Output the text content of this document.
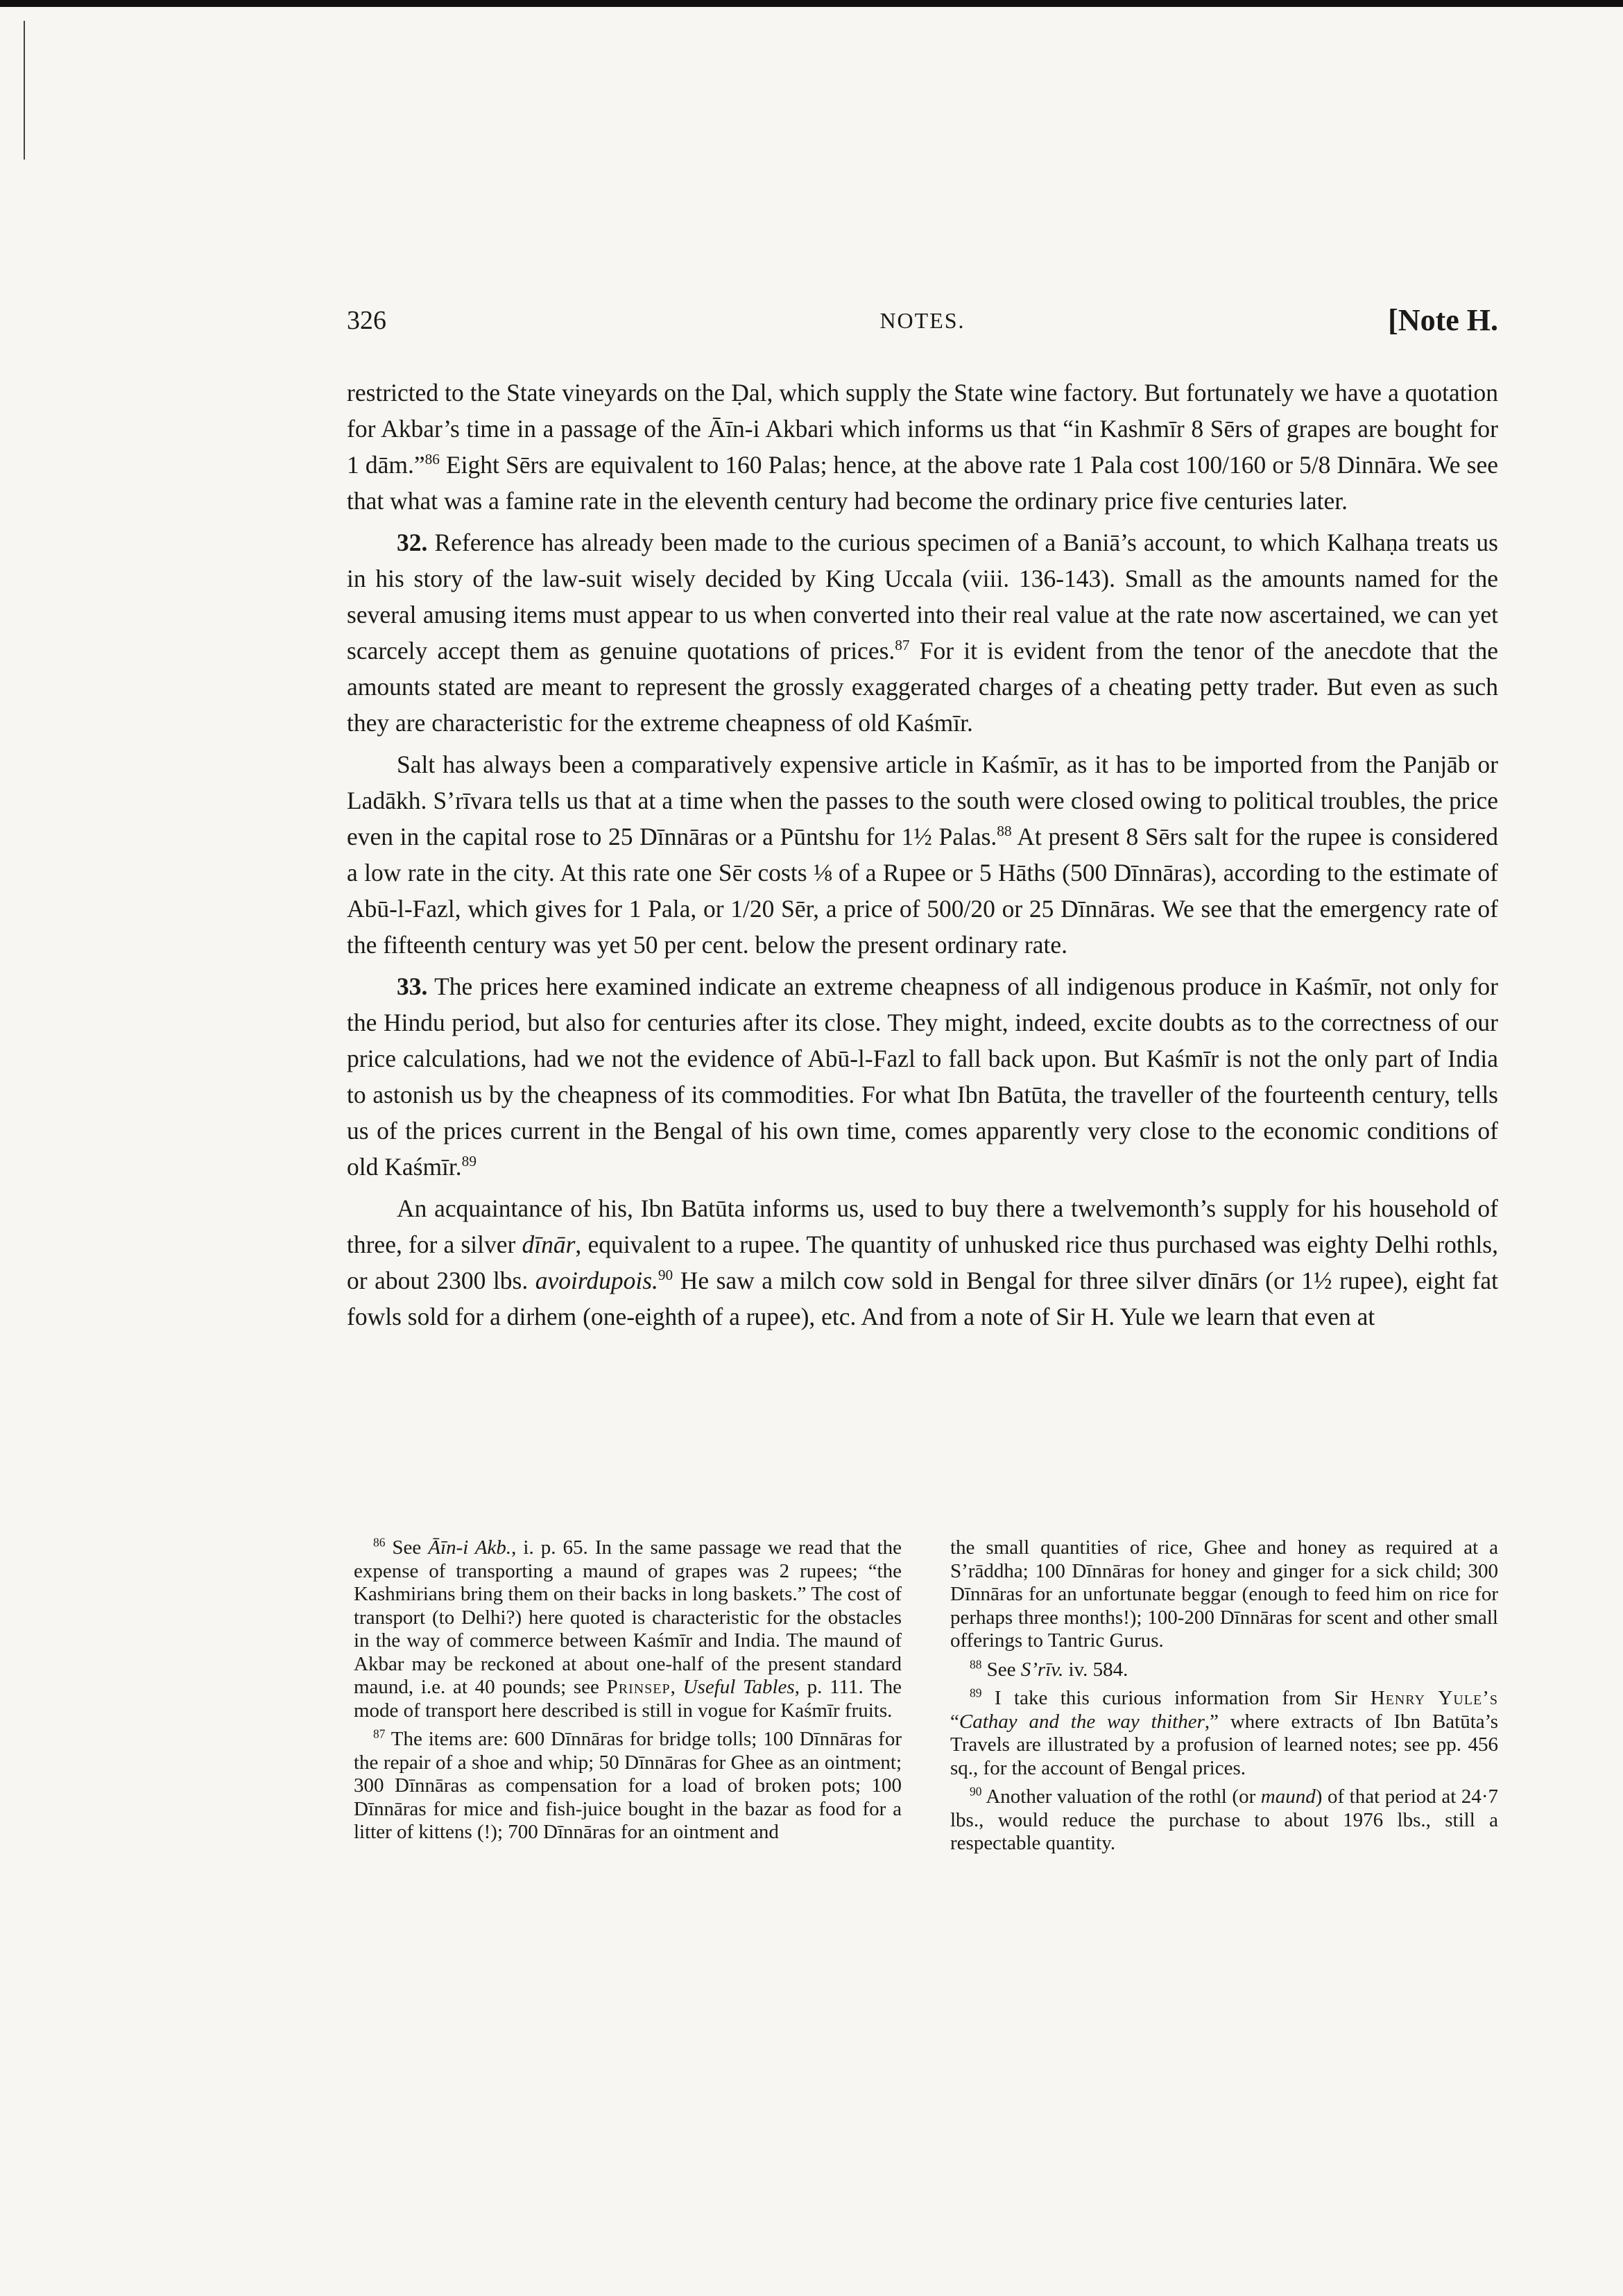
326	NOTES.	[Note H.

restricted to the State vineyards on the Ḍal, which supply the State wine factory. But fortunately we have a quotation for Akbar’s time in a passage of the Āīn-i Akbari which informs us that “in Kashmīr 8 Sērs of grapes are bought for 1 dām.”$^{86}$ Eight Sērs are equivalent to 160 Palas; hence, at the above rate 1 Pala cost 100/160 or 5/8 Dinnāra. We see that what was a famine rate in the eleventh century had become the ordinary price five centuries later.

32. Reference has already been made to the curious specimen of a Baniā’s account, to which Kalhaṇa treats us in his story of the law-suit wisely decided by King Uccala (viii. 136-143). Small as the amounts named for the several amusing items must appear to us when converted into their real value at the rate now ascertained, we can yet scarcely accept them as genuine quotations of prices.$^{87}$ For it is evident from the tenor of the anecdote that the amounts stated are meant to represent the grossly exaggerated charges of a cheating petty trader. But even as such they are characteristic for the extreme cheapness of old Kaśmīr.

Salt has always been a comparatively expensive article in Kaśmīr, as it has to be imported from the Panjāb or Ladākh. S’rīvara tells us that at a time when the passes to the south were closed owing to political troubles, the price even in the capital rose to 25 Dīnnāras or a Pūntshu for 1½ Palas.$^{88}$ At present 8 Sērs salt for the rupee is considered a low rate in the city. At this rate one Sēr costs ⅛ of a Rupee or 5 Hāths (500 Dīnnāras), according to the estimate of Abū-l-Fazl, which gives for 1 Pala, or 1/20 Sēr, a price of 500/20 or 25 Dīnnāras. We see that the emergency rate of the fifteenth century was yet 50 per cent. below the present ordinary rate.

33. The prices here examined indicate an extreme cheapness of all indigenous produce in Kaśmīr, not only for the Hindu period, but also for centuries after its close. They might, indeed, excite doubts as to the correctness of our price calculations, had we not the evidence of Abū-l-Fazl to fall back upon. But Kaśmīr is not the only part of India to astonish us by the cheapness of its commodities. For what Ibn Batūta, the traveller of the fourteenth century, tells us of the prices current in the Bengal of his own time, comes apparently very close to the economic conditions of old Kaśmīr.$^{89}$

An acquaintance of his, Ibn Batūta informs us, used to buy there a twelvemonth’s supply for his household of three, for a silver dīnār, equivalent to a rupee. The quantity of unhusked rice thus purchased was eighty Delhi rothls, or about 2300 lbs. avoirdupois.$^{90}$ He saw a milch cow sold in Bengal for three silver dīnārs (or 1½ rupee), eight fat fowls sold for a dirhem (one-eighth of a rupee), etc. And from a note of Sir H. Yule we learn that even at

$^{86}$ See Āīn-i Akb., i. p. 65. In the same passage we read that the expense of transporting a maund of grapes was 2 rupees; “the Kashmirians bring them on their backs in long baskets.” The cost of transport (to Delhi?) here quoted is characteristic for the obstacles in the way of commerce between Kaśmīr and India. The maund of Akbar may be reckoned at about one-half of the present standard maund, i.e. at 40 pounds; see Prinsep, Useful Tables, p. 111. The mode of transport here described is still in vogue for Kaśmīr fruits.

$^{87}$ The items are: 600 Dīnnāras for bridge tolls; 100 Dīnnāras for the repair of a shoe and whip; 50 Dīnnāras for Ghee as an ointment; 300 Dīnnāras as compensation for a load of broken pots; 100 Dīnnāras for mice and fish-juice bought in the bazar as food for a litter of kittens (!); 700 Dīnnāras for an ointment and

the small quantities of rice, Ghee and honey as required at a S’rāddha; 100 Dīnnāras for honey and ginger for a sick child; 300 Dīnnāras for an unfortunate beggar (enough to feed him on rice for perhaps three months!); 100-200 Dīnnāras for scent and other small offerings to Tantric Gurus.

$^{88}$ See S’rīv. iv. 584.

$^{89}$ I take this curious information from Sir Henry Yule’s “Cathay and the way thither,” where extracts of Ibn Batūta’s Travels are illustrated by a profusion of learned notes; see pp. 456 sq., for the account of Bengal prices.

$^{90}$ Another valuation of the rothl (or maund) of that period at 24·7 lbs., would reduce the purchase to about 1976 lbs., still a respectable quantity.
